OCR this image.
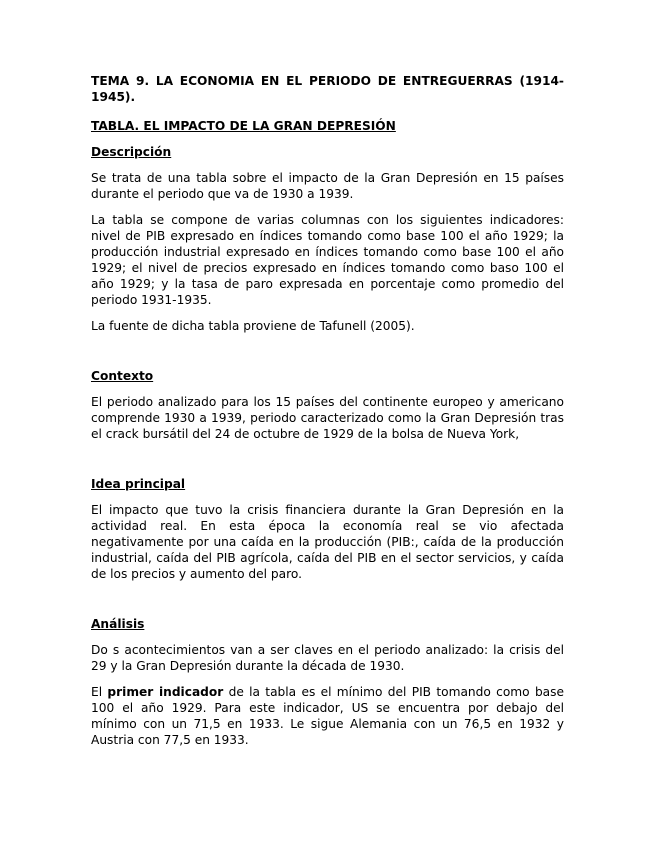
TEMA 9. LA ECONOMIA EN EL PERIODO DE ENTREGUERRAS (1914-1945).
TABLA. EL IMPACTO DE LA GRAN DEPRESIÓN
Descripción

Se trata de una tabla sobre el impacto de la Gran Depresión en 15 países durante el periodo que va de 1930 a 1939.

La tabla se compone de varias columnas con los siguientes indicadores: nivel de PIB expresado en índices tomando como base 100 el año 1929; la producción industrial expresado en índices tomando como base 100 el año 1929; el nivel de precios expresado en índices tomando como baso 100 el año 1929; y la tasa de paro expresada en porcentaje como promedio del periodo 1931-1935.

La fuente de dicha tabla proviene de Tafunell (2005).

Contexto

El periodo analizado para los 15 países del continente europeo y americano comprende 1930 a 1939, periodo caracterizado como la Gran Depresión tras el crack bursátil del 24 de octubre de 1929 de la bolsa de Nueva York,

Idea principal

El impacto que tuvo la crisis financiera durante la Gran Depresión en la actividad real. En esta época la economía real se vio afectada negativamente por una caída en la producción (PIB:, caída de la producción industrial, caída del PIB agrícola, caída del PIB en el sector servicios, y caída de los precios y aumento del paro.

Análisis

Do s acontecimientos van a ser claves en el periodo analizado: la crisis del 29 y la Gran Depresión durante la década de 1930.

El primer indicador de la tabla es el mínimo del PIB tomando como base 100 el año 1929. Para este indicador, US se encuentra por debajo del mínimo con un 71,5 en 1933. Le sigue Alemania con un 76,5 en 1932 y Austria con 77,5 en 1933.
